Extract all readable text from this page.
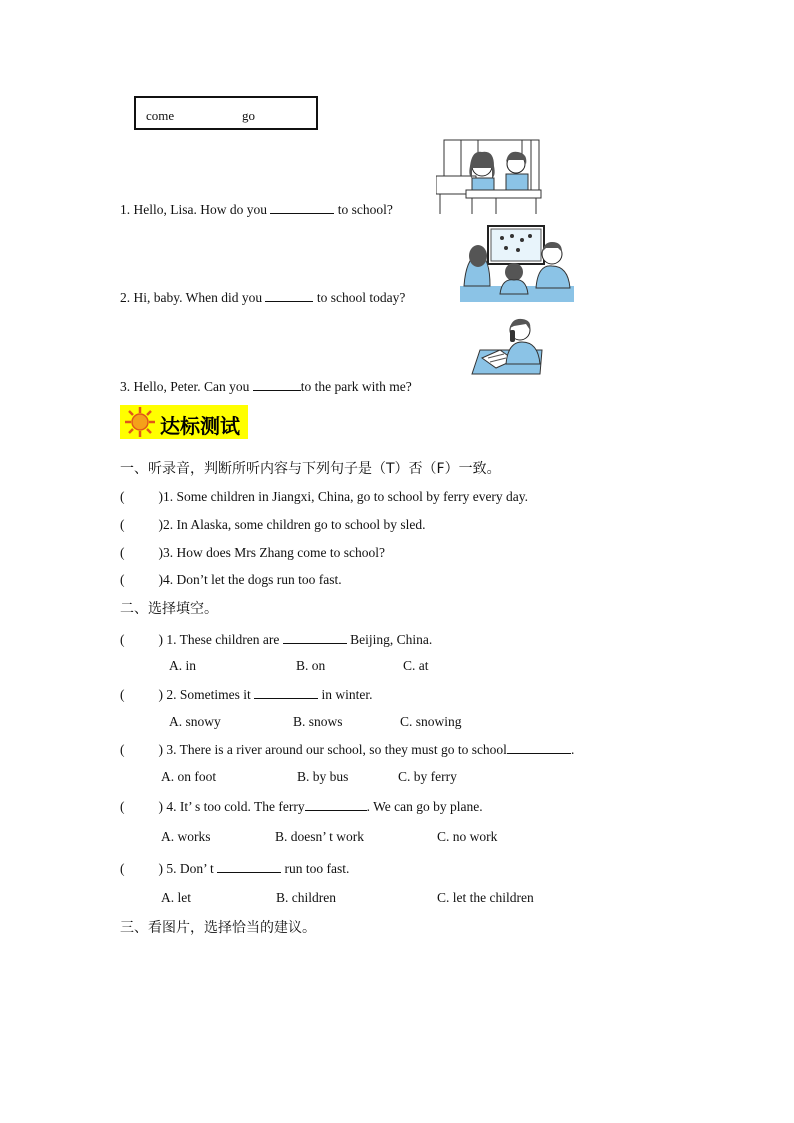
come	go
1. Hello, Lisa. How do you	to school?
2. Hi, baby. When did you	to school today?
3. Hello, Peter. Can you	to the park with me?
达标测试
一、听录音，判断所听内容与下列句子是（T）否（F）一致。
(	)1. Some children in Jiangxi, China, go to school by ferry every day.
(	)2. In Alaska, some children go to school by sled.
(	)3. How does Mrs Zhang come to school?
(	)4. Don’t let the dogs run too fast.
二、选择填空。
(	) 1. These children are	Beijing, China.
A. in	B. on	C. at
(	) 2. Sometimes it	in winter.
A. snowy	B. snows	C. snowing
(	) 3. There is a river around our school, so they must go to school	.
A. on foot	B. by bus	C. by ferry
(	) 4. It’ s too cold. The ferry	. We can go by plane.
A. works	B. doesn’ t work	C. no work
(	) 5. Don’ t	run too fast.
A. let	B. children	C. let the children
三、看图片，选择恰当的建议。
